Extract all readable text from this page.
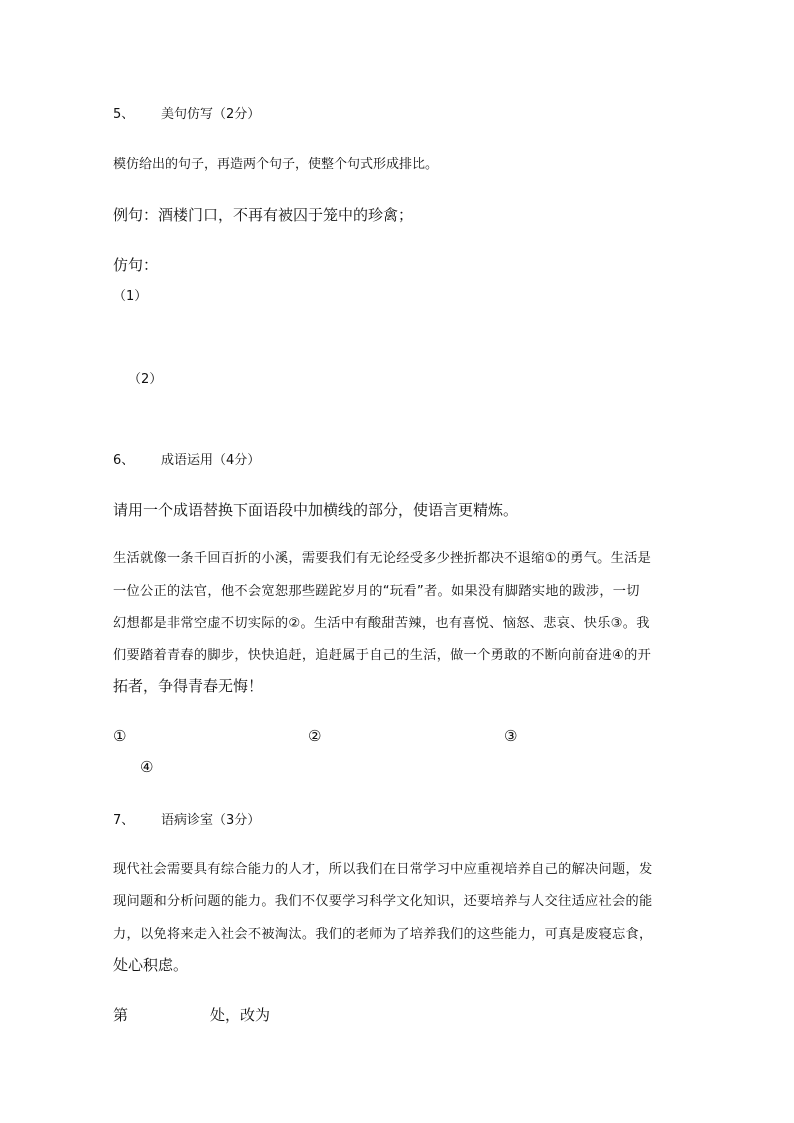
5、 美句仿写（2分）
模仿给出的句子，再造两个句子，使整个句式形成排比。
例句：酒楼门口，不再有被囚于笼中的珍禽；
仿句：
（1）
（2）
6、 成语运用（4分）
请用一个成语替换下面语段中加横线的部分，使语言更精炼。
生活就像一条千回百折的小溪，需要我们有无论经受多少挫折都决不退缩①的勇气。生活是
一位公正的法官，他不会宽恕那些蹉跎岁月的“玩看”者。如果没有脚踏实地的跋涉，一切
幻想都是非常空虚不切实际的②。生活中有酸甜苦辣，也有喜悦、恼怒、悲哀、快乐③。我
们要踏着青春的脚步，快快追赶，追赶属于自己的生活，做一个勇敢的不断向前奋进④的开
拓者，争得青春无悔！
①	②	③
④
7、 语病诊室（3分）
现代社会需要具有综合能力的人才，所以我们在日常学习中应重视培养自己的解决问题，发
现问题和分析问题的能力。我们不仅要学习科学文化知识，还要培养与人交往适应社会的能
力，以免将来走入社会不被淘汰。我们的老师为了培养我们的这些能力，可真是废寝忘食，
处心积虑。
第	处，改为
